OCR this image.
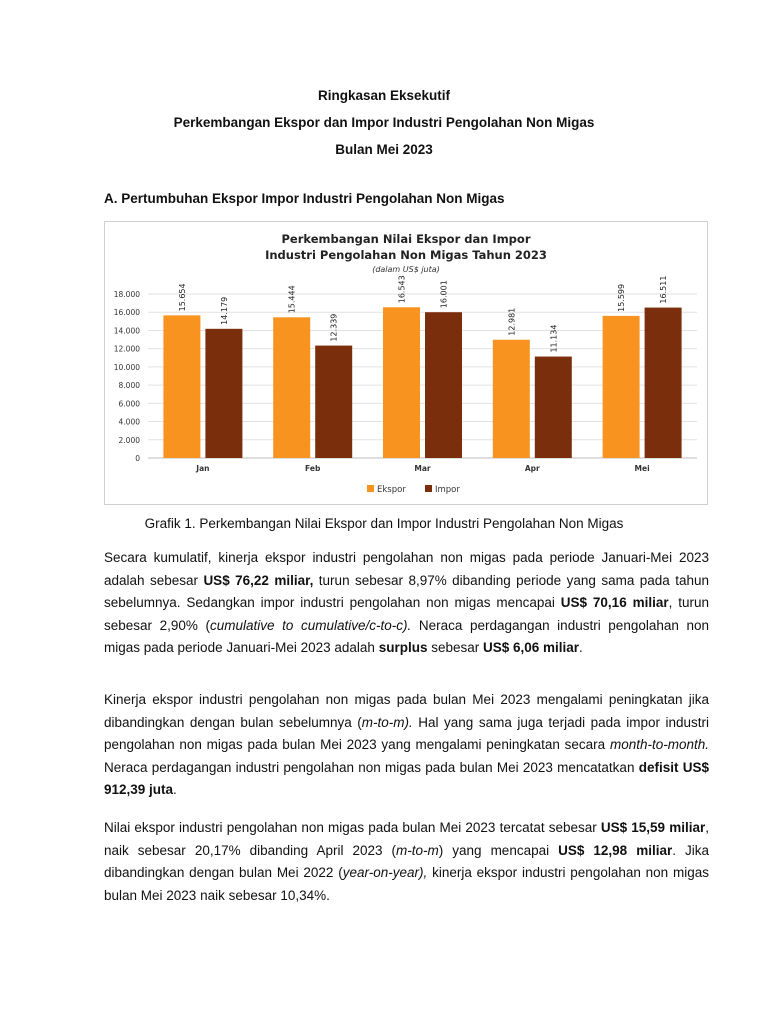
Ringkasan Eksekutif
Perkembangan Ekspor dan Impor Industri Pengolahan Non Migas
Bulan Mei 2023
A. Pertumbuhan Ekspor Impor Industri Pengolahan Non Migas
Perkembangan Nilai Ekspor dan Impor
Industri Pengolahan Non Migas Tahun 2023
(dalam US$ juta)
0
2.000
4.000
6.000
8.000
10.000
12.000
14.000
16.000
18.000	15.654	14.179	15.444
12.339
16.543	16.001
12.981
11.134
15.599	16.511
Jan	Feb	Mar	Apr	Mei
Ekspor	Impor
Grafik 1. Perkembangan Nilai Ekspor dan Impor Industri Pengolahan Non Migas

Secara kumulatif, kinerja ekspor industri pengolahan non migas pada periode Januari-Mei 2023 adalah sebesar US$ 76,22 miliar, turun sebesar 8,97% dibanding periode yang sama pada tahun sebelumnya. Sedangkan impor industri pengolahan non migas mencapai US$ 70,16 miliar, turun sebesar 2,90% (cumulative to cumulative/c-to-c). Neraca perdagangan industri pengolahan non migas pada periode Januari-Mei 2023 adalah surplus sebesar US$ 6,06 miliar.

Kinerja ekspor industri pengolahan non migas pada bulan Mei 2023 mengalami peningkatan jika dibandingkan dengan bulan sebelumnya (m-to-m). Hal yang sama juga terjadi pada impor industri pengolahan non migas pada bulan Mei 2023 yang mengalami peningkatan secara month-to-month. Neraca perdagangan industri pengolahan non migas pada bulan Mei 2023 mencatatkan defisit US$ 912,39 juta.

Nilai ekspor industri pengolahan non migas pada bulan Mei 2023 tercatat sebesar US$ 15,59 miliar, naik sebesar 20,17% dibanding April 2023 (m-to-m) yang mencapai US$ 12,98 miliar. Jika dibandingkan dengan bulan Mei 2022 (year-on-year), kinerja ekspor industri pengolahan non migas bulan Mei 2023 naik sebesar 10,34%.
